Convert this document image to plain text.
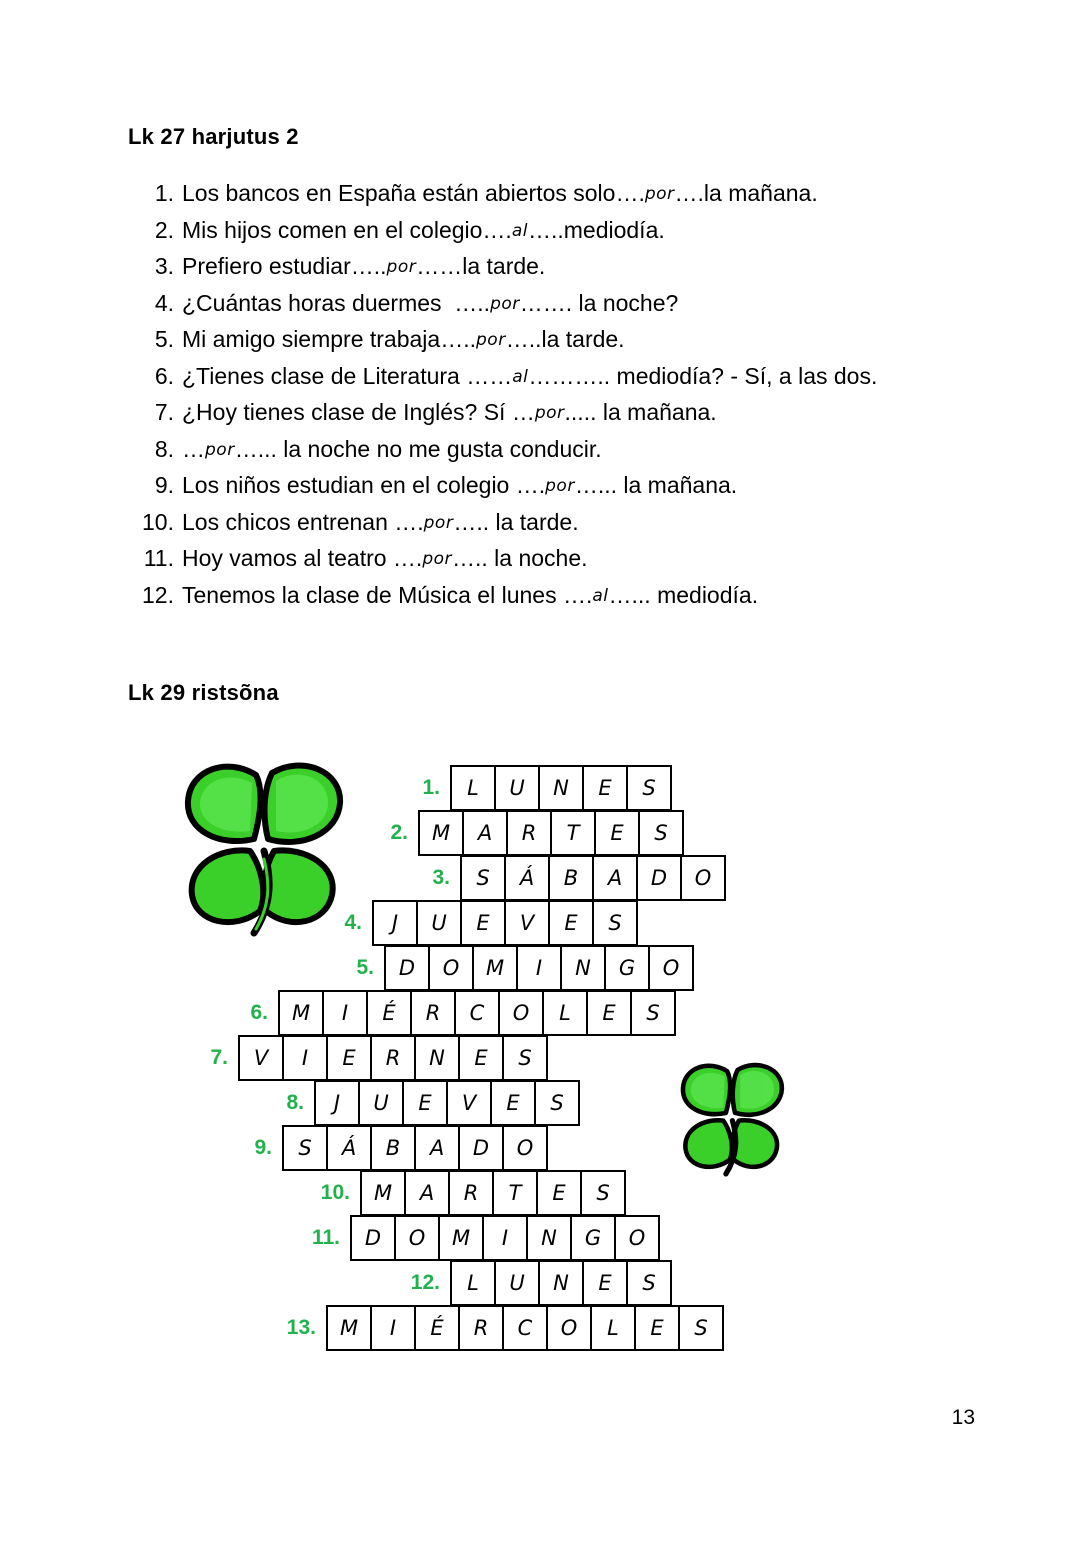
Lk 27 harjutus 2
1. Los bancos en España están abiertos solo….por….la mañana.
2. Mis hijos comen en el colegio….al…..mediodía.
3. Prefiero estudiar…..por……la tarde.
4. ¿Cuántas horas duermes  …..por……. la noche?
5. Mi amigo siempre trabaja…..por…..la tarde.
6. ¿Tienes clase de Literatura ……al……….. mediodía? - Sí, a las dos.
7. ¿Hoy tienes clase de Inglés? Sí …por..... la mañana.
8. …por…... la noche no me gusta conducir.
9. Los niños estudian en el colegio ….por…... la mañana.
10. Los chicos entrenan ….por….. la tarde.
11. Hoy vamos al teatro ….por….. la noche.
12. Tenemos la clase de Música el lunes ….al…... mediodía.
Lk 29 ristsõna
1.	L	U	N	E	S
2.	M	A	R	T	E	S
3.	S	Á	B	A	D	O
4.	J	U	E	V	E	S
5.	D	O	M	I	N	G	O
6.	M	I	É	R	C	O	L	E	S
7.	V	I	E	R	N	E	S
8.	J	U	E	V	E	S
9.	S	Á	B	A	D	O
10.	M	A	R	T	E	S
11.	D	O	M	I	N	G	O
12.	L	U	N	E	S
13.	M	I	É	R	C	O	L	E	S
13
